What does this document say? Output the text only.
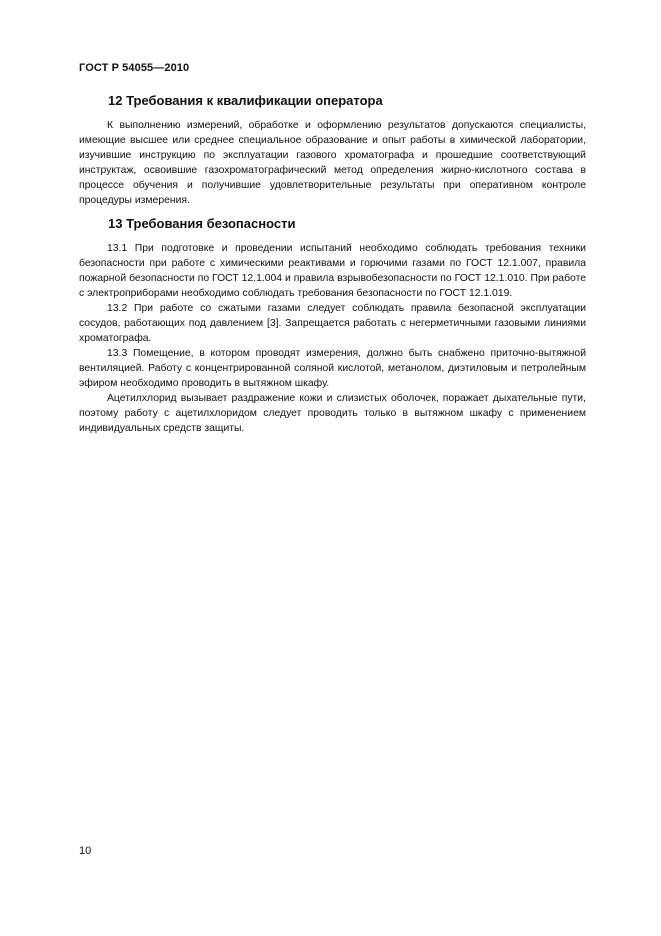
ГОСТ Р 54055—2010
12 Требования к квалификации оператора

К выполнению измерений, обработке и оформлению результатов допускаются специалисты, имеющие высшее или среднее специальное образование и опыт работы в химической лаборатории, изучившие инструкцию по эксплуатации газового хроматографа и прошедшие соответствующий инструктаж, освоившие газохроматографический метод определения жирно-кислотного состава в процессе обучения и получившие удовлетворительные результаты при оперативном контроле процедуры измерения.

13 Требования безопасности

13.1 При подготовке и проведении испытаний необходимо соблюдать требования техники безопасности при работе с химическими реактивами и горючими газами по ГОСТ 12.1.007, правила пожарной безопасности по ГОСТ 12.1.004 и правила взрывобезопасности по ГОСТ 12.1.010. При работе с электроприборами необходимо соблюдать требования безопасности по ГОСТ 12.1.019.

13.2 При работе со сжатыми газами следует соблюдать правила безопасной эксплуатации сосудов, работающих под давлением [3]. Запрещается работать с негерметичными газовыми линиями хроматографа.

13.3 Помещение, в котором проводят измерения, должно быть снабжено приточно-вытяжной вентиляцией. Работу с концентрированной соляной кислотой, метанолом, диэтиловым и петролейным эфиром необходимо проводить в вытяжном шкафу.

Ацетилхлорид вызывает раздражение кожи и слизистых оболочек, поражает дыхательные пути, поэтому работу с ацетилхлоридом следует проводить только в вытяжном шкафу с применением индивидуальных средств защиты.

10
